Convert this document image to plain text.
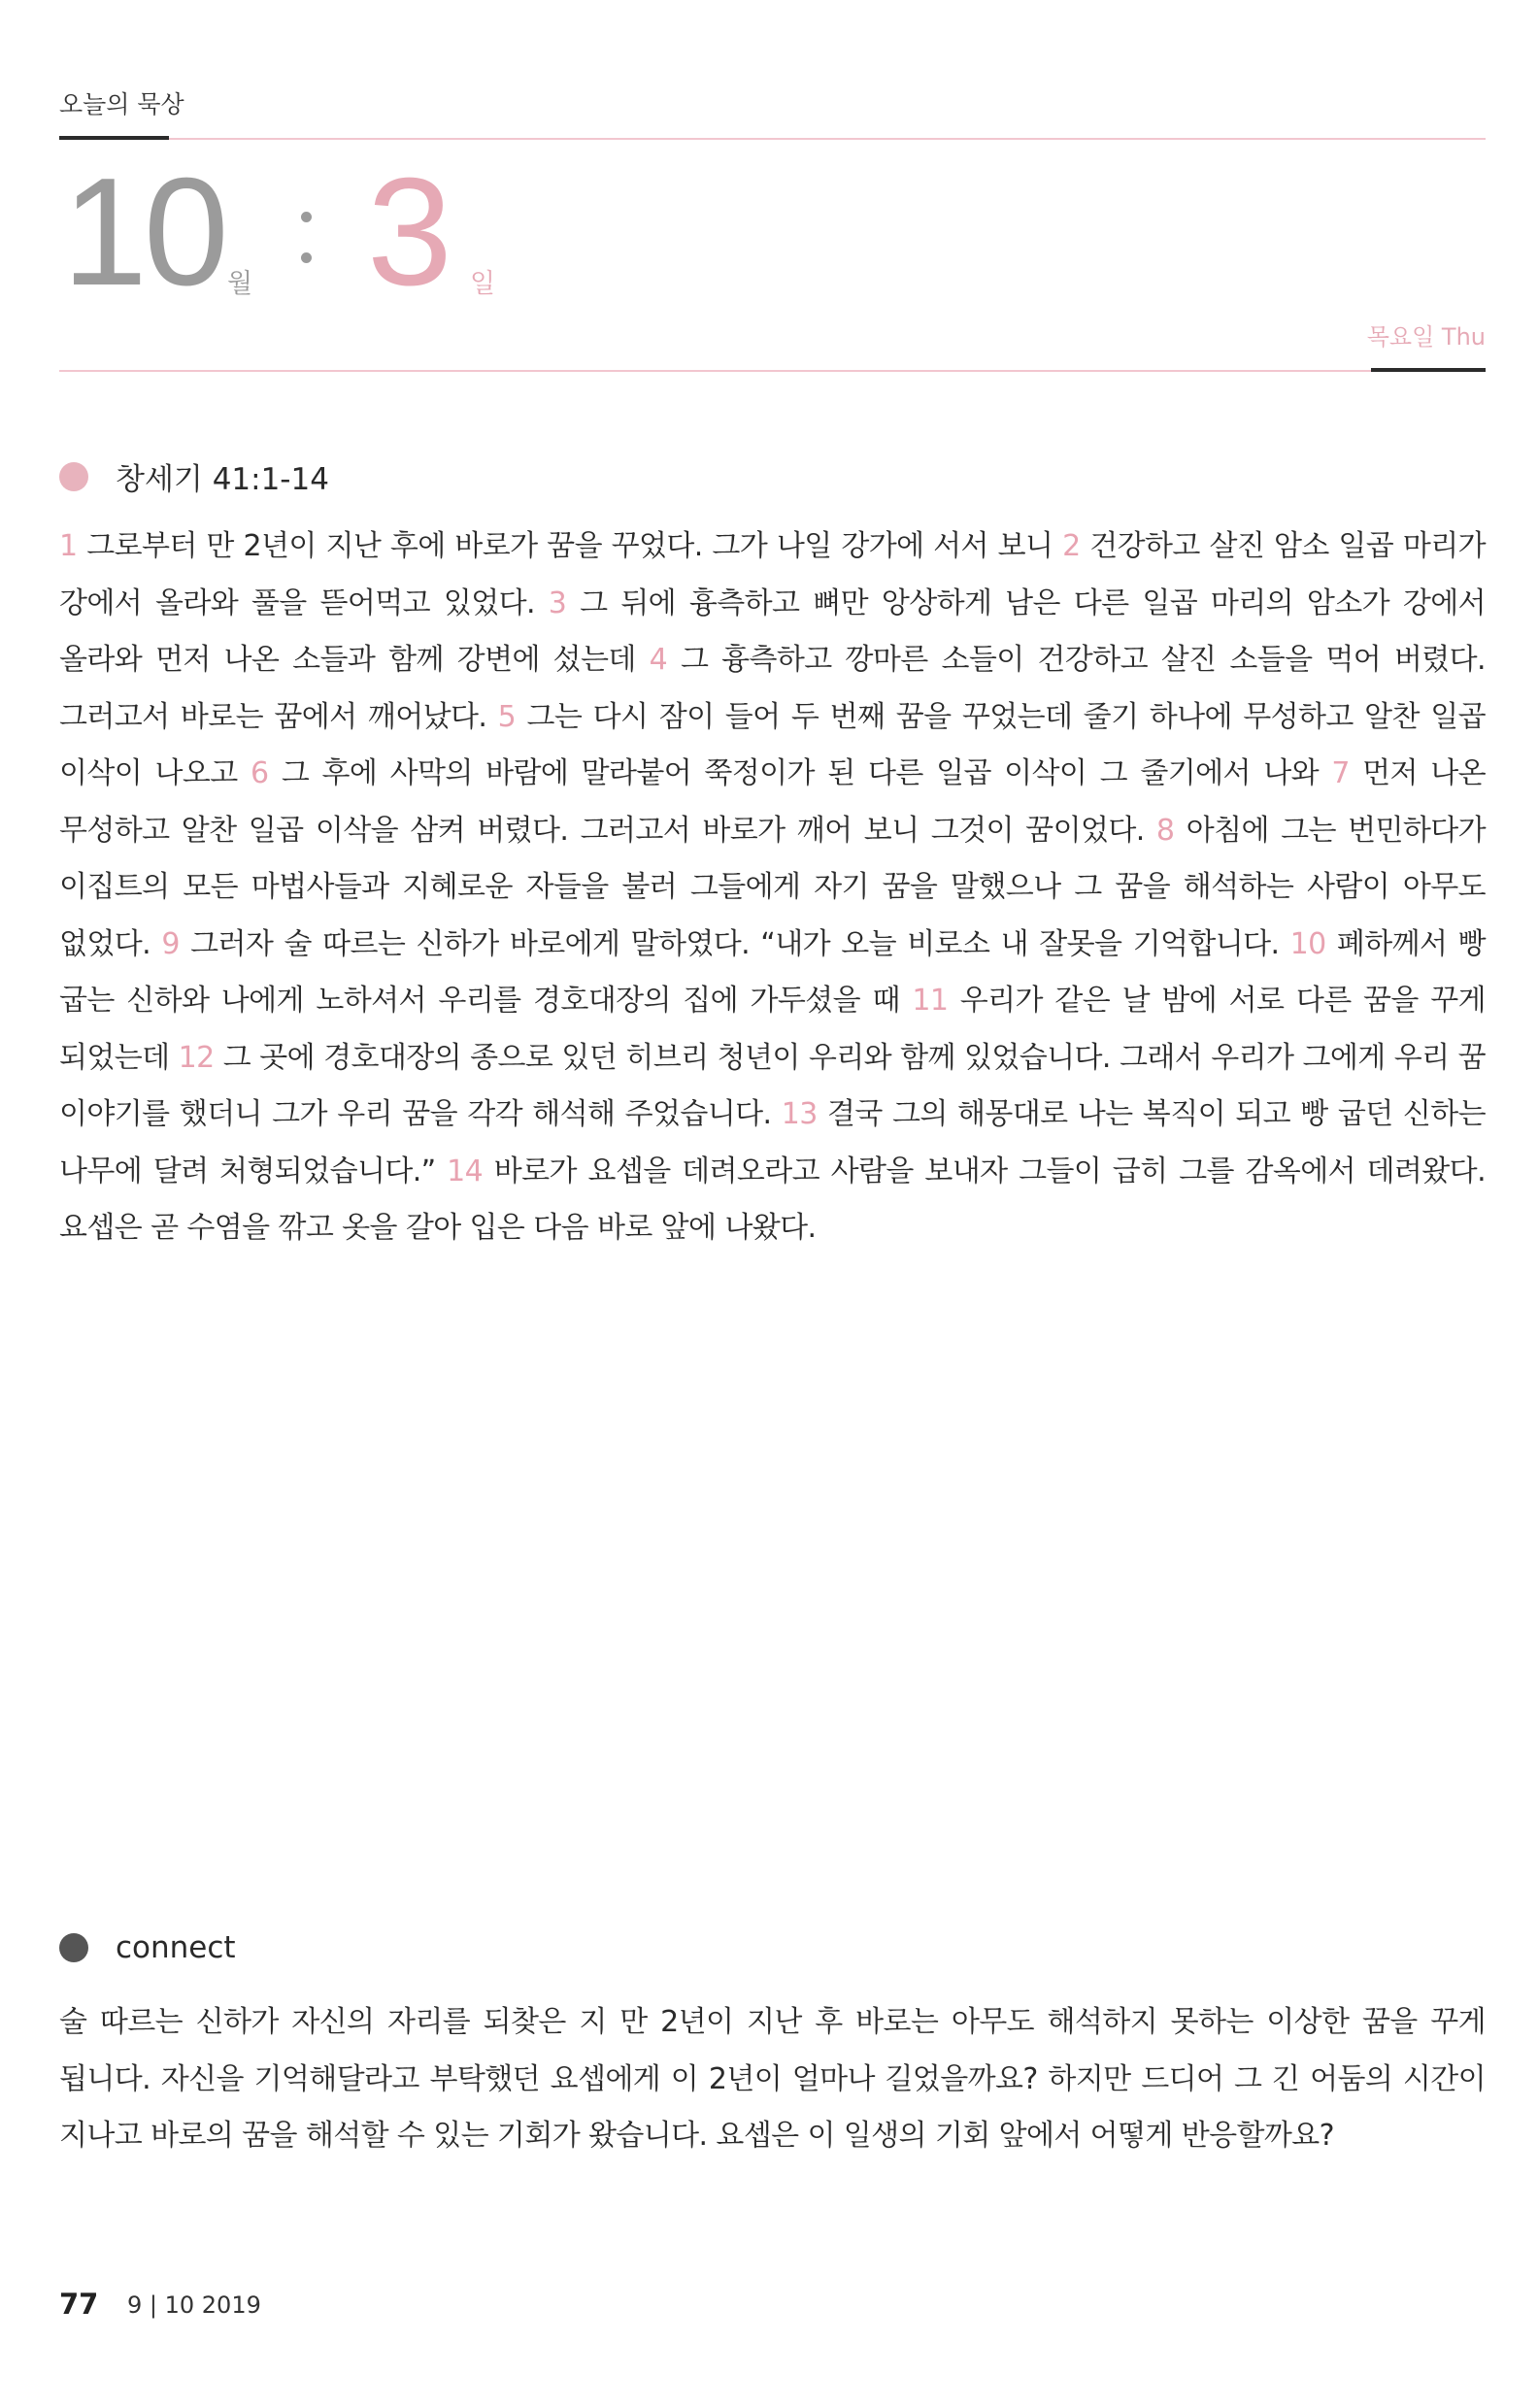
오늘의 묵상
10 월 3 일
목요일 Thu
창세기 41:1-14
1 그로부터 만 2년이 지난 후에 바로가 꿈을 꾸었다. 그가 나일 강가에 서서 보니 2 건강하고 살진 암소 일곱 마리가 강에서 올라와 풀을 뜯어먹고 있었다. 3 그 뒤에 흉측하고 뼈만 앙상하게 남은 다른 일곱 마리의 암소가 강에서 올라와 먼저 나온 소들과 함께 강변에 섰는데 4 그 흉측하고 깡마른 소들이 건강하고 살진 소들을 먹어 버렸다. 그러고서 바로는 꿈에서 깨어났다. 5 그는 다시 잠이 들어 두 번째 꿈을 꾸었는데 줄기 하나에 무성하고 알찬 일곱 이삭이 나오고 6 그 후에 사막의 바람에 말라붙어 쭉정이가 된 다른 일곱 이삭이 그 줄기에서 나와 7 먼저 나온 무성하고 알찬 일곱 이삭을 삼켜 버렸다. 그러고서 바로가 깨어 보니 그것이 꿈이었다. 8 아침에 그는 번민하다가 이집트의 모든 마법사들과 지혜로운 자들을 불러 그들에게 자기 꿈을 말했으나 그 꿈을 해석하는 사람이 아무도 없었다. 9 그러자 술 따르는 신하가 바로에게 말하였다. “내가 오늘 비로소 내 잘못을 기억합니다. 10 폐하께서 빵 굽는 신하와 나에게 노하셔서 우리를 경호대장의 집에 가두셨을 때 11 우리가 같은 날 밤에 서로 다른 꿈을 꾸게 되었는데 12 그 곳에 경호대장의 종으로 있던 히브리 청년이 우리와 함께 있었습니다. 그래서 우리가 그에게 우리 꿈 이야기를 했더니 그가 우리 꿈을 각각 해석해 주었습니다. 13 결국 그의 해몽대로 나는 복직이 되고 빵 굽던 신하는 나무에 달려 처형되었습니다.” 14 바로가 요셉을 데려오라고 사람을 보내자 그들이 급히 그를 감옥에서 데려왔다. 요셉은 곧 수염을 깎고 옷을 갈아 입은 다음 바로 앞에 나왔다.
connect
술 따르는 신하가 자신의 자리를 되찾은 지 만 2년이 지난 후 바로는 아무도 해석하지 못하는 이상한 꿈을 꾸게 됩니다. 자신을 기억해달라고 부탁했던 요셉에게 이 2년이 얼마나 길었을까요? 하지만 드디어 그 긴 어둠의 시간이 지나고 바로의 꿈을 해석할 수 있는 기회가 왔습니다. 요셉은 이 일생의 기회 앞에서 어떻게 반응할까요?
77 9 | 10 2019
